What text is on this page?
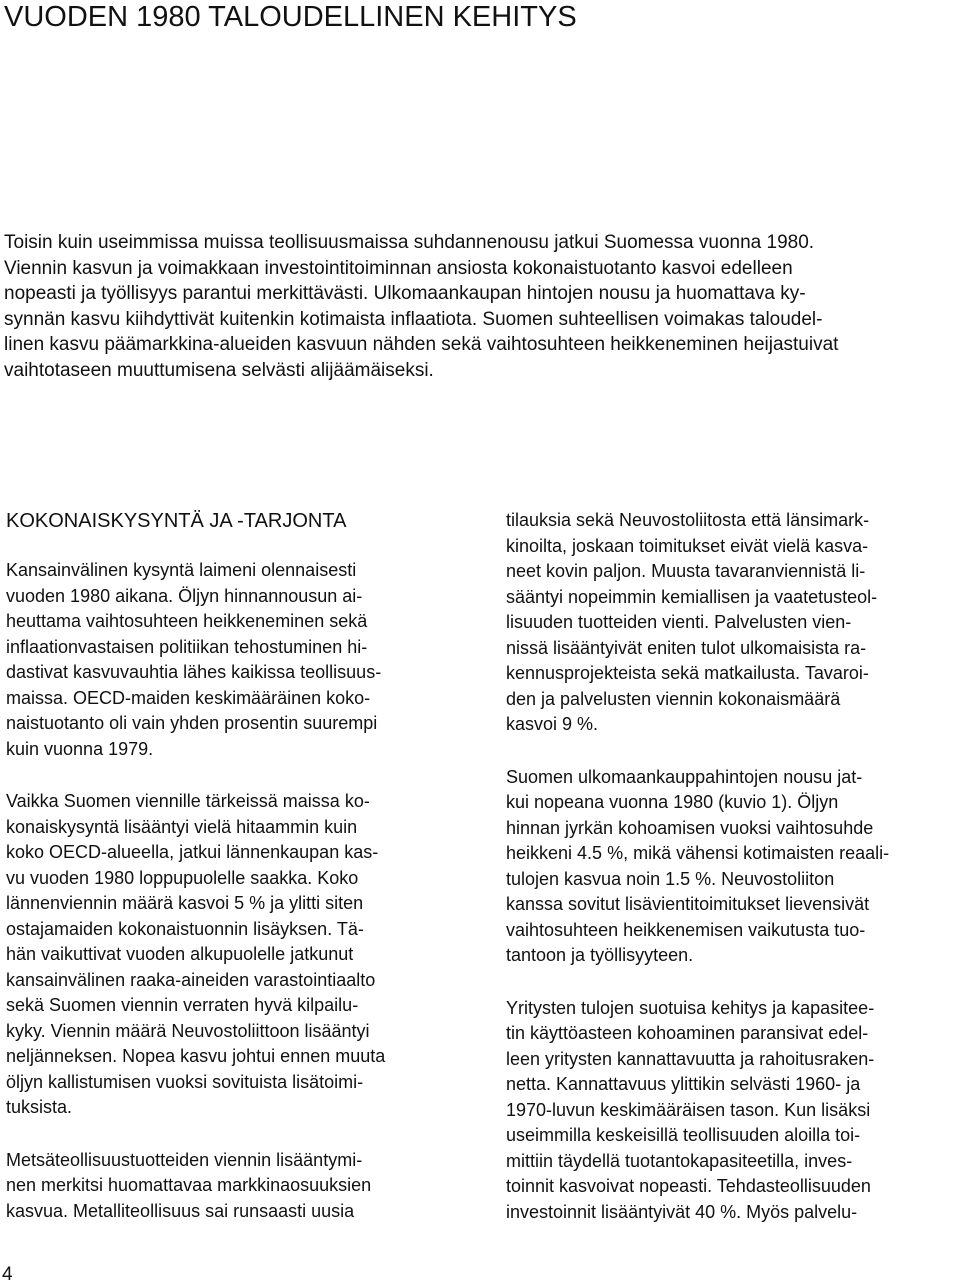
VUODEN 1980 TALOUDELLINEN KEHITYS
Toisin kuin useimmissa muissa teollisuusmaissa suhdannenousu jatkui Suomessa vuonna 1980.
Viennin kasvun ja voimakkaan investointitoiminnan ansiosta kokonaistuotanto kasvoi edelleen
nopeasti ja työllisyys parantui merkittävästi. Ulkomaankaupan hintojen nousu ja huomattava ky-
synnän kasvu kiihdyttivät kuitenkin kotimaista inflaatiota. Suomen suhteellisen voimakas taloudel-
linen kasvu päämarkkina-alueiden kasvuun nähden sekä vaihtosuhteen heikkeneminen heijastuivat
vaihtotaseen muuttumisena selvästi alijäämäiseksi.
KOKONAISKYSYNTÄ JA -TARJONTA

Kansainvälinen kysyntä laimeni olennaisesti
vuoden 1980 aikana. Öljyn hinnannousun ai-
heuttama vaihtosuhteen heikkeneminen sekä
inflaationvastaisen politiikan tehostuminen hi-
dastivat kasvuvauhtia lähes kaikissa teollisuus-
maissa. OECD-maiden keskimääräinen koko-
naistuotanto oli vain yhden prosentin suurempi
kuin vuonna 1979.

Vaikka Suomen viennille tärkeissä maissa ko-
konaiskysyntä lisääntyi vielä hitaammin kuin
koko OECD-alueella, jatkui lännenkaupan kas-
vu vuoden 1980 loppupuolelle saakka. Koko
lännenviennin määrä kasvoi 5 % ja ylitti siten
ostajamaiden kokonaistuonnin lisäyksen. Tä-
hän vaikuttivat vuoden alkupuolelle jatkunut
kansainvälinen raaka-aineiden varastointiaalto
sekä Suomen viennin verraten hyvä kilpailu-
kyky. Viennin määrä Neuvostoliittoon lisääntyi
neljänneksen. Nopea kasvu johtui ennen muuta
öljyn kallistumisen vuoksi sovituista lisätoimi-
tuksista.

Metsäteollisuustuotteiden viennin lisääntymi-
nen merkitsi huomattavaa markkinaosuuksien
kasvua. Metalliteollisuus sai runsaasti uusia

tilauksia sekä Neuvostoliitosta että länsimark-
kinoilta, joskaan toimitukset eivät vielä kasva-
neet kovin paljon. Muusta tavaranviennistä li-
sääntyi nopeimmin kemiallisen ja vaatetusteol-
lisuuden tuotteiden vienti. Palvelusten vien-
nissä lisääntyivät eniten tulot ulkomaisista ra-
kennusprojekteista sekä matkailusta. Tavaroi-
den ja palvelusten viennin kokonaismäärä
kasvoi 9 %.

Suomen ulkomaankauppahintojen nousu jat-
kui nopeana vuonna 1980 (kuvio 1). Öljyn
hinnan jyrkän kohoamisen vuoksi vaihtosuhde
heikkeni 4.5 %, mikä vähensi kotimaisten reaali-
tulojen kasvua noin 1.5 %. Neuvostoliiton
kanssa sovitut lisävientitoimitukset lievensivät
vaihtosuhteen heikkenemisen vaikutusta tuo-
tantoon ja työllisyyteen.

Yritysten tulojen suotuisa kehitys ja kapasitee-
tin käyttöasteen kohoaminen paransivat edel-
leen yritysten kannattavuutta ja rahoitusraken-
netta. Kannattavuus ylittikin selvästi 1960- ja
1970-luvun keskimääräisen tason. Kun lisäksi
useimmilla keskeisillä teollisuuden aloilla toi-
mittiin täydellä tuotantokapasiteetilla, inves-
toinnit kasvoivat nopeasti. Tehdasteollisuuden
investoinnit lisääntyivät 40 %. Myös palvelu-

4
